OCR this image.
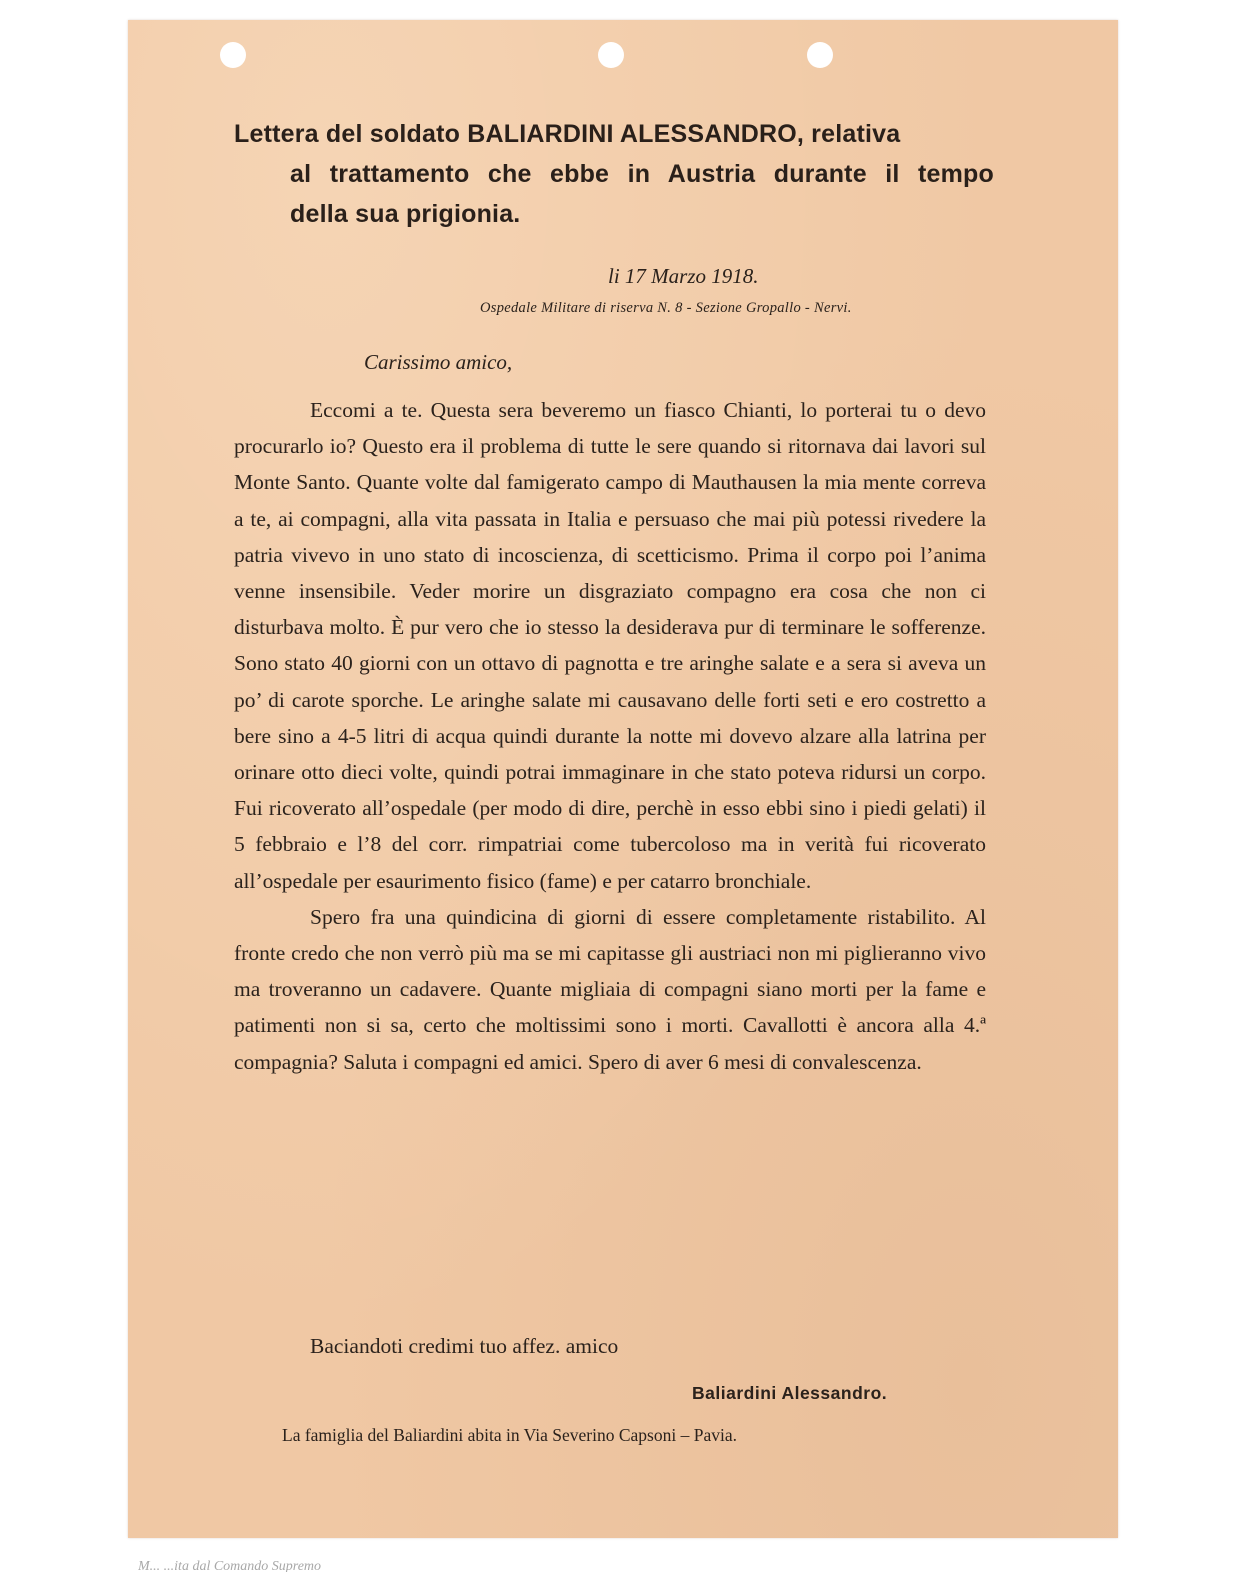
Lettera del soldato BALIARDINI ALESSANDRO, relativa
al trattamento che ebbe in Austria durante il tempo
della sua prigionia.
li 17 Marzo 1918.
Ospedale Militare di riserva N. 8 - Sezione Gropallo - Nervi.
Carissimo amico,

Eccomi a te. Questa sera beveremo un fiasco Chianti, lo porterai tu o devo procurarlo io? Questo era il problema di tutte le sere quando si ritornava dai lavori sul Monte Santo. Quante volte dal famigerato campo di Mauthausen la mia mente correva a te, ai compagni, alla vita passata in Italia e persuaso che mai più potessi rivedere la patria vivevo in uno stato di incoscienza, di scetticismo. Prima il corpo poi l’anima venne insensibile. Veder morire un disgraziato compagno era cosa che non ci disturbava molto. È pur vero che io stesso la desiderava pur di terminare le sofferenze. Sono stato 40 giorni con un ottavo di pagnotta e tre aringhe salate e a sera si aveva un po’ di carote sporche. Le aringhe salate mi causavano delle forti seti e ero costretto a bere sino a 4-5 litri di acqua quindi durante la notte mi dovevo alzare alla latrina per orinare otto dieci volte, quindi potrai immaginare in che stato poteva ridursi un corpo. Fui ricoverato all’ospedale (per modo di dire, perchè in esso ebbi sino i piedi gelati) il 5 febbraio e l’8 del corr. rimpatriai come tubercoloso ma in verità fui ricoverato all’ospedale per esaurimento fisico (fame) e per catarro bronchiale.

Spero fra una quindicina di giorni di essere completamente ristabilito. Al fronte credo che non verrò più ma se mi capitasse gli austriaci non mi piglieranno vivo ma troveranno un cadavere. Quante migliaia di compagni siano morti per la fame e patimenti non si sa, certo che moltissimi sono i morti. Cavallotti è ancora alla 4.ª compagnia? Saluta i compagni ed amici. Spero di aver 6 mesi di convalescenza.

Baciandoti credimi tuo affez. amico
Baliardini Alessandro.
La famiglia del Baliardini abita in Via Severino Capsoni – Pavia.
M... ...ita dal Comando Supremo
